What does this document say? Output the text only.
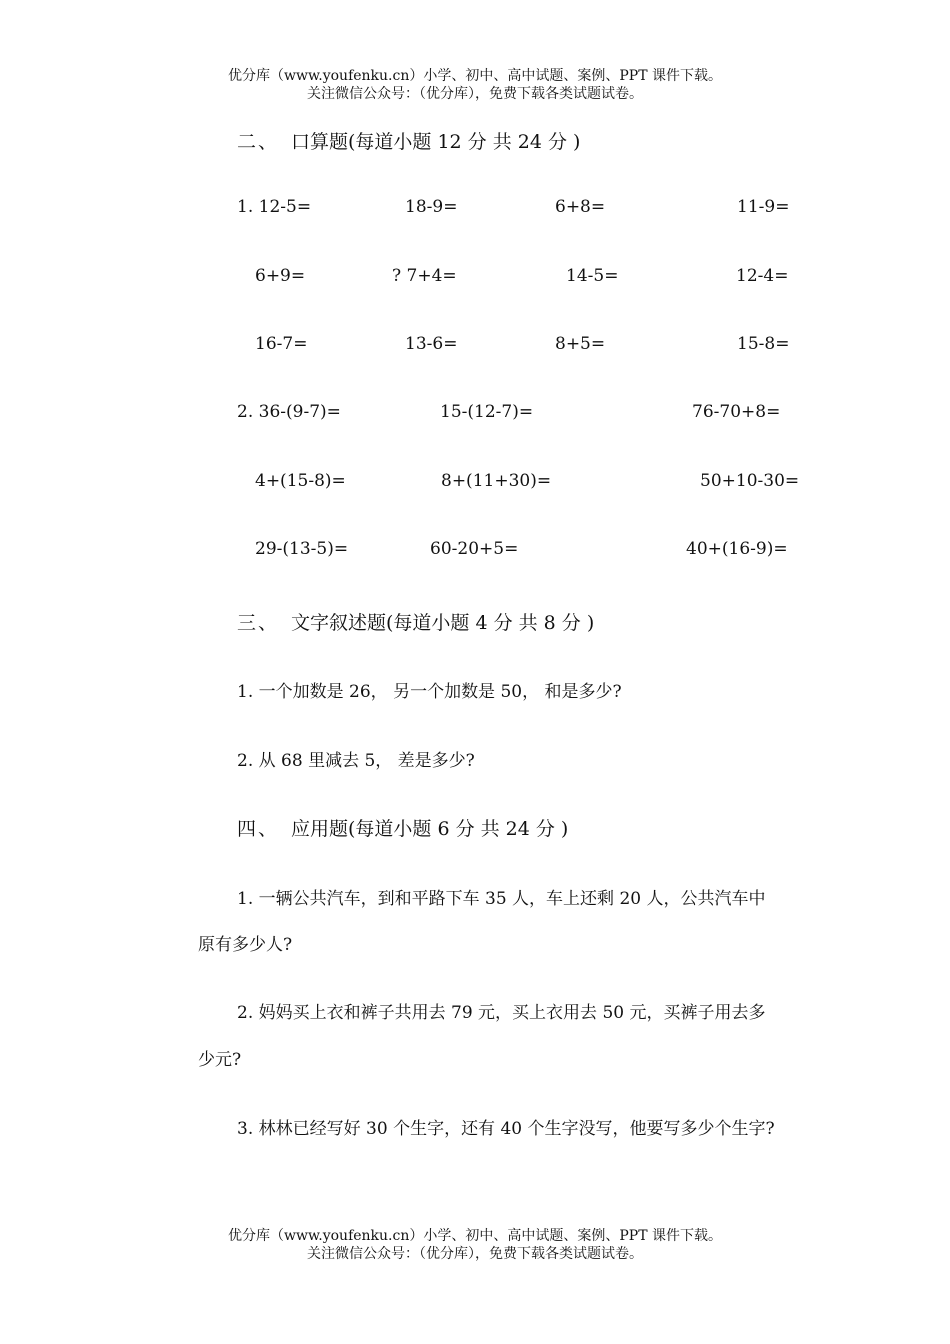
优分库（www.youfenku.cn）小学、初中、高中试题、案例、PPT 课件下载。
关注微信公众号：（优分库），免费下载各类试题试卷。
二、 口算题(每道小题 12 分 共 24 分 )
1. 12-5=	18-9=	6+8=	11-9=
6+9=	? 7+4=	14-5=	12-4=
16-7=	13-6=	8+5=	15-8=
2. 36-(9-7)=	15-(12-7)=	76-70+8=
4+(15-8)=	8+(11+30)=	50+10-30=
29-(13-5)=	60-20+5=	40+(16-9)=
三、 文字叙述题(每道小题 4 分 共 8 分 )
1. 一个加数是 26， 另一个加数是 50， 和是多少?
2. 从 68 里减去 5， 差是多少?
四、 应用题(每道小题 6 分 共 24 分 )
1. 一辆公共汽车，到和平路下车 35 人，车上还剩 20 人，公共汽车中
原有多少人?
2. 妈妈买上衣和裤子共用去 79 元，买上衣用去 50 元，买裤子用去多
少元?
3. 林林已经写好 30 个生字，还有 40 个生字没写，他要写多少个生字?
优分库（www.youfenku.cn）小学、初中、高中试题、案例、PPT 课件下载。
关注微信公众号：（优分库），免费下载各类试题试卷。
